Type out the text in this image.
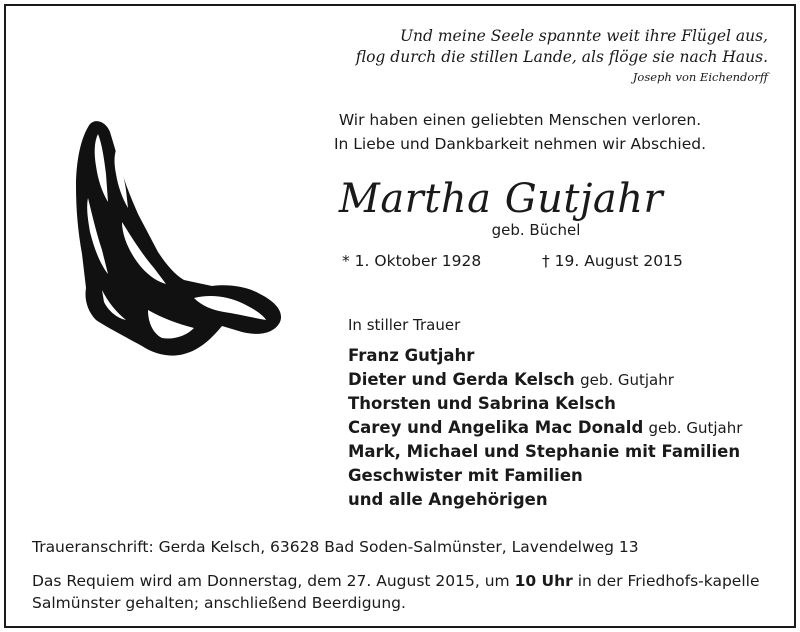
Und meine Seele spannte weit ihre Flügel aus,
flog durch die stillen Lande, als flöge sie nach Haus.
Joseph von Eichendorff
Wir haben einen geliebten Menschen verloren.
In Liebe und Dankbarkeit nehmen wir Abschied.
Martha Gutjahr
geb. Büchel
* 1. Oktober 1928	† 19. August 2015
In stiller Trauer
Franz Gutjahr
Dieter und Gerda Kelsch geb. Gutjahr
Thorsten und Sabrina Kelsch
Carey und Angelika Mac Donald geb. Gutjahr
Mark, Michael und Stephanie mit Familien
Geschwister mit Familien
und alle Angehörigen
Traueranschrift: Gerda Kelsch, 63628 Bad Soden-Salmünster, Lavendelweg 13
Das Requiem wird am Donnerstag, dem 27. August 2015, um 10 Uhr in der Friedhofs-kapelle Salmünster gehalten; anschließend Beerdigung.
